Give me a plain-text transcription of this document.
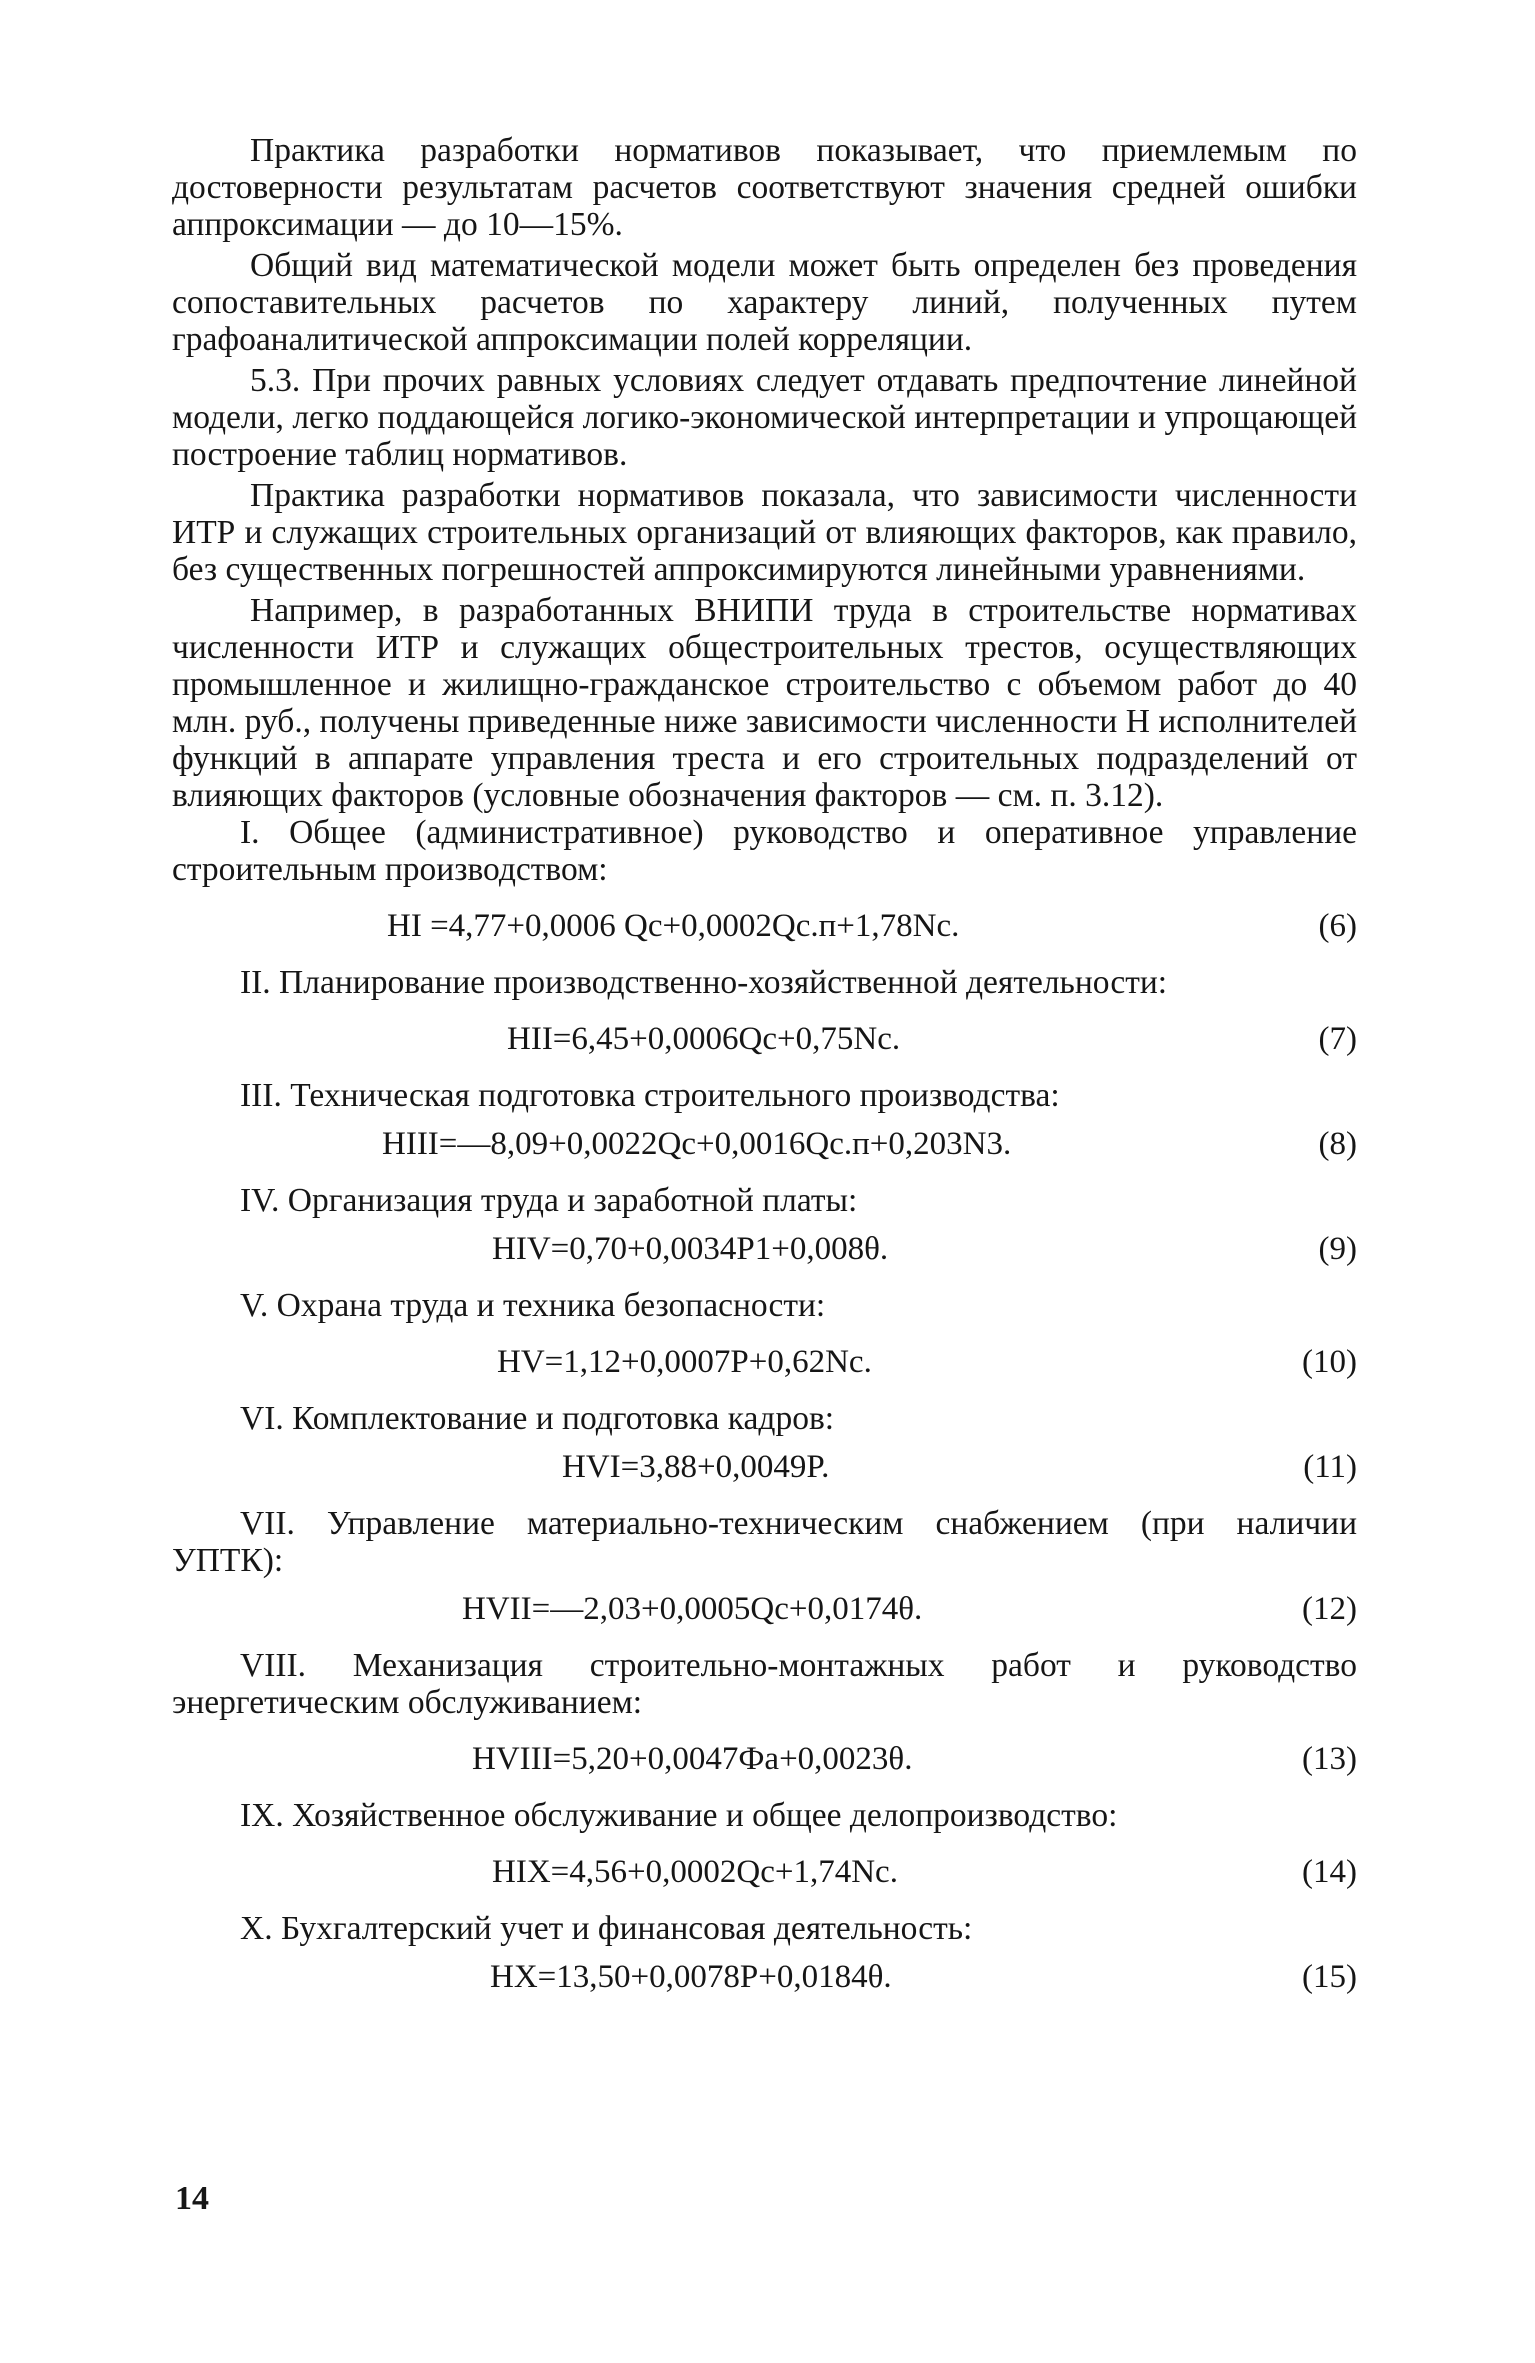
Практика разработки нормативов показывает, что приемлемым по достоверности результатам расчетов соответствуют значения средней ошибки аппроксимации — до 10—15%.

Общий вид математической модели может быть определен без проведения сопоставительных расчетов по характеру линий, полученных путем графоаналитической аппроксимации полей корреляции.

5.3. При прочих равных условиях следует отдавать предпочтение линейной модели, легко поддающейся логико-экономической интерпретации и упрощающей построение таблиц нормативов.

Практика разработки нормативов показала, что зависимости численности ИТР и служащих строительных организаций от влияющих факторов, как правило, без существенных погрешностей аппроксимируются линейными уравнениями.

Например, в разработанных ВНИПИ труда в строительстве нормативах численности ИТР и служащих общестроительных трестов, осуществляющих промышленное и жилищно-гражданское строительство с объемом работ до 40 млн. руб., получены приведенные ниже зависимости численности Н исполнителей функций в аппарате управления треста и его строительных подразделений от влияющих факторов (условные обозначения факторов — см. п. 3.12).

I. Общее (административное) руководство и оперативное управление строительным производством:

НI =4,77+0,0006 Qс+0,0002Qс.п+1,78Nс.	(6)

II. Планирование производственно-хозяйственной деятельности:

НII=6,45+0,0006Qс+0,75Nс.	(7)

III. Техническая подготовка строительного производства:

НIII=—8,09+0,0022Qс+0,0016Qс.п+0,203N3.	(8)

IV. Организация труда и заработной платы:

НIV=0,70+0,0034P1+0,008θ.	(9)

V. Охрана труда и техника безопасности:

НV=1,12+0,0007P+0,62Nс.	(10)

VI. Комплектование и подготовка кадров:

НVI=3,88+0,0049P.	(11)

VII. Управление материально-техническим снабжением (при наличии УПТК):

НVII=—2,03+0,0005Qс+0,0174θ.	(12)

VIII. Механизация строительно-монтажных работ и руководство энергетическим обслуживанием:

НVIII=5,20+0,0047Фа+0,0023θ.	(13)

IX. Хозяйственное обслуживание и общее делопроизводство:

НIX=4,56+0,0002Qс+1,74Nс.	(14)

X. Бухгалтерский учет и финансовая деятельность:

НX=13,50+0,0078P+0,0184θ.	(15)
14
